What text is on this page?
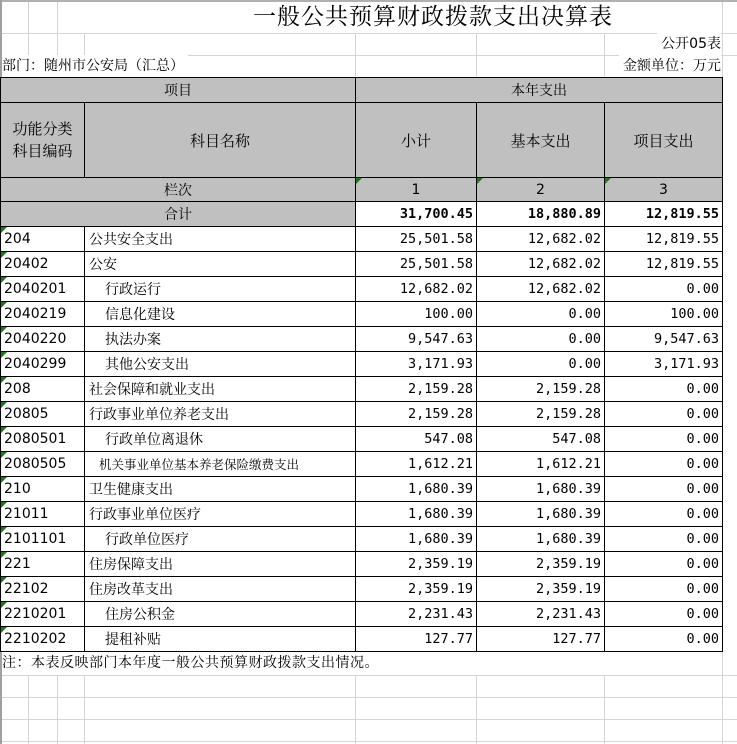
一般公共预算财政拨款支出决算表
公开05表
部门：随州市公安局（汇总）	金额单位：万元
项目		本年支出		

功能分类
科目编码	科目名称	小计	基本支出	项目支出
栏次		1	2	3
合计		31,700.45	18,880.89	12,819.55
204	公共安全支出	25,501.58	12,682.02	12,819.55
20402	公安	25,501.58	12,682.02	12,819.55
2040201	行政运行	12,682.02	12,682.02	0.00
2040219	信息化建设	100.00	0.00	100.00
2040220	执法办案	9,547.63	0.00	9,547.63
2040299	其他公安支出	3,171.93	0.00	3,171.93
208	社会保障和就业支出	2,159.28	2,159.28	0.00
20805	行政事业单位养老支出	2,159.28	2,159.28	0.00
2080501	行政单位离退休	547.08	547.08	0.00
2080505	机关事业单位基本养老保险缴费支出	1,612.21	1,612.21	0.00
210	卫生健康支出	1,680.39	1,680.39	0.00
21011	行政事业单位医疗	1,680.39	1,680.39	0.00
2101101	行政单位医疗	1,680.39	1,680.39	0.00
221	住房保障支出	2,359.19	2,359.19	0.00
22102	住房改革支出	2,359.19	2,359.19	0.00
2210201	住房公积金	2,231.43	2,231.43	0.00
2210202	提租补贴	127.77	127.77	0.00
注：本表反映部门本年度一般公共预算财政拨款支出情况。
